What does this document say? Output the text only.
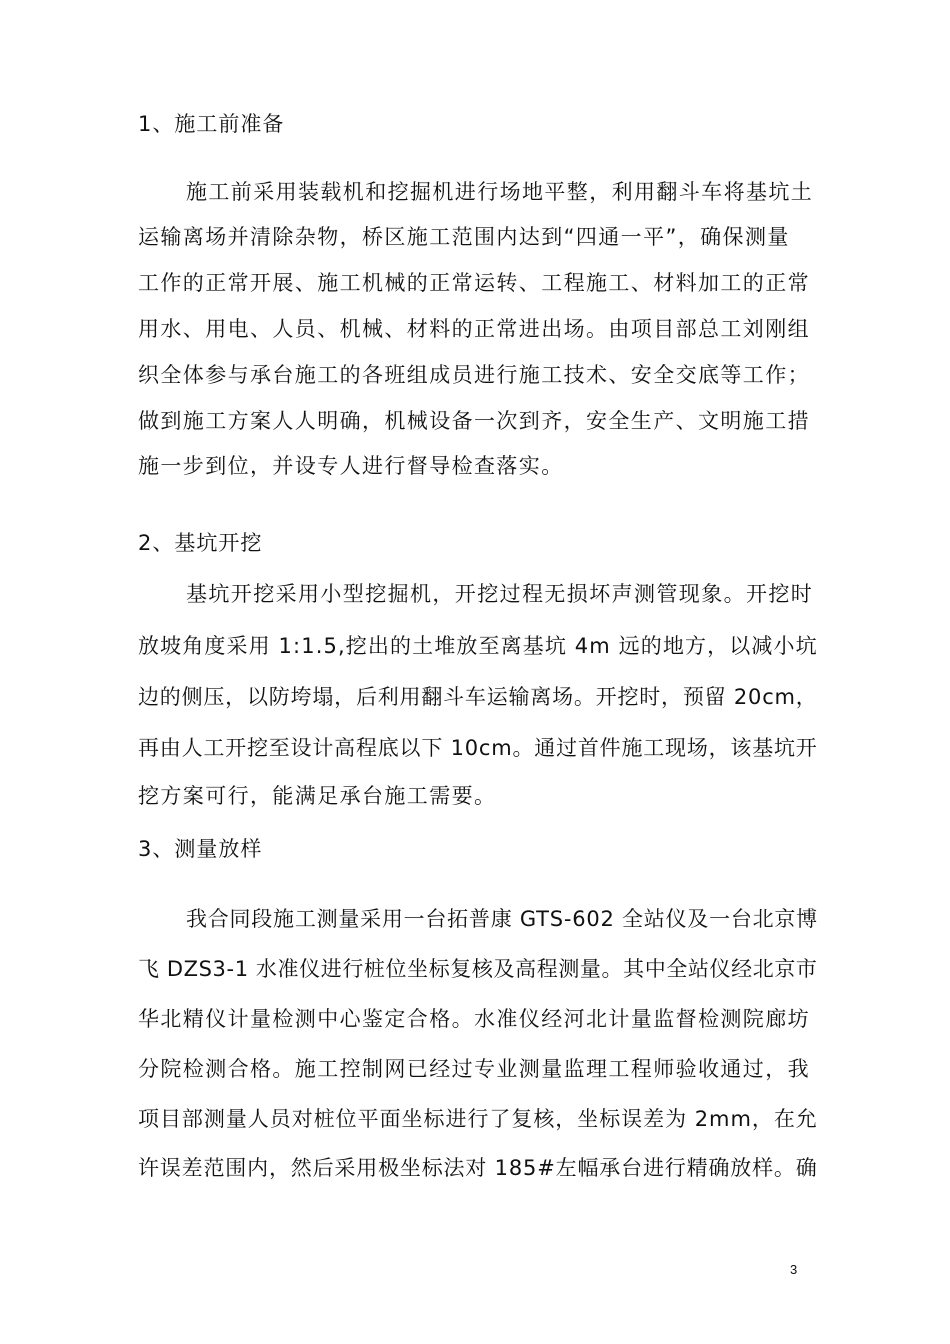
1、施工前准备
施工前采用装载机和挖掘机进行场地平整，利用翻斗车将基坑土
运输离场并清除杂物，桥区施工范围内达到“四通一平”，确保测量
工作的正常开展、施工机械的正常运转、工程施工、材料加工的正常
用水、用电、人员、机械、材料的正常进出场。由项目部总工刘刚组
织全体参与承台施工的各班组成员进行施工技术、安全交底等工作；
做到施工方案人人明确，机械设备一次到齐，安全生产、文明施工措
施一步到位，并设专人进行督导检查落实。
2、基坑开挖
基坑开挖采用小型挖掘机，开挖过程无损坏声测管现象。开挖时
放坡角度采用 1:1.5,挖出的土堆放至离基坑 4m 远的地方，以减小坑
边的侧压，以防垮塌，后利用翻斗车运输离场。开挖时，预留 20cm，
再由人工开挖至设计高程底以下 10cm。通过首件施工现场，该基坑开
挖方案可行，能满足承台施工需要。
3、测量放样
我合同段施工测量采用一台拓普康 GTS-602 全站仪及一台北京博
飞 DZS3-1 水准仪进行桩位坐标复核及高程测量。其中全站仪经北京市
华北精仪计量检测中心鉴定合格。水准仪经河北计量监督检测院廊坊
分院检测合格。施工控制网已经过专业测量监理工程师验收通过，我
项目部测量人员对桩位平面坐标进行了复核，坐标误差为 2mm，在允
许误差范围内，然后采用极坐标法对 185#左幅承台进行精确放样。确
3
